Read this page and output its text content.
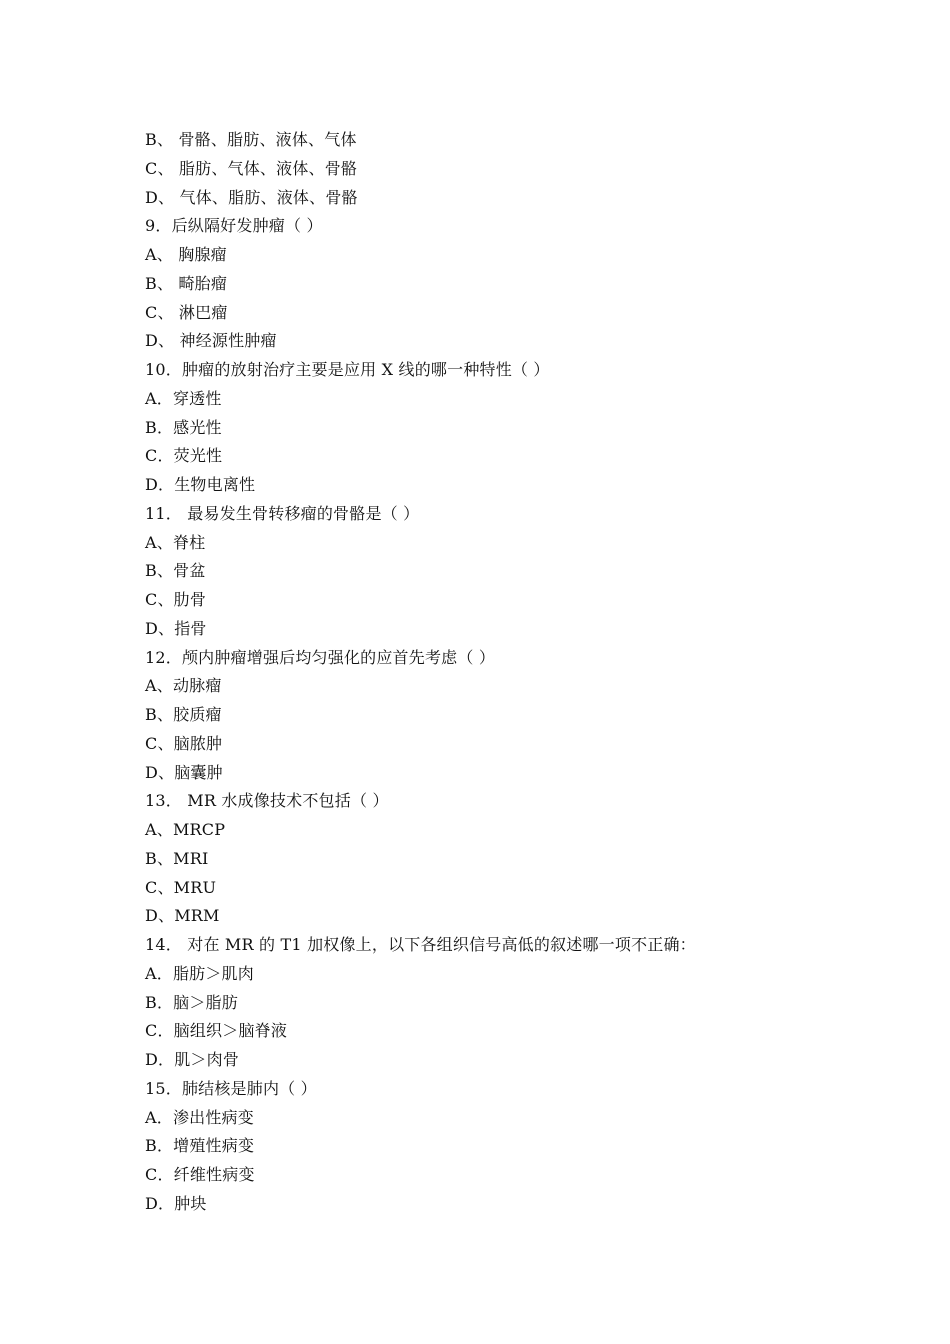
B、 骨骼、脂肪、液体、气体
C、 脂肪、气体、液体、骨骼
D、 气体、脂肪、液体、骨骼
9．后纵隔好发肿瘤（ ）
A、 胸腺瘤
B、 畸胎瘤
C、 淋巴瘤
D、 神经源性肿瘤
10．肿瘤的放射治疗主要是应用 X 线的哪一种特性（ ）
A．穿透性
B．感光性
C．荧光性
D．生物电离性
11． 最易发生骨转移瘤的骨骼是（ ）
A、脊柱
B、骨盆
C、肋骨
D、指骨
12．颅内肿瘤增强后均匀强化的应首先考虑（ ）
A、动脉瘤
B、胶质瘤
C、脑脓肿
D、脑囊肿
13． MR 水成像技术不包括（ ）
A、MRCP
B、MRI
C、MRU
D、MRM
14． 对在 MR 的 T1 加权像上，以下各组织信号高低的叙述哪一项不正确：
A．脂肪＞肌肉
B．脑＞脂肪
C．脑组织＞脑脊液
D．肌＞肉骨
15．肺结核是肺内（ ）
A．渗出性病变
B．增殖性病变
C．纤维性病变
D．肿块
